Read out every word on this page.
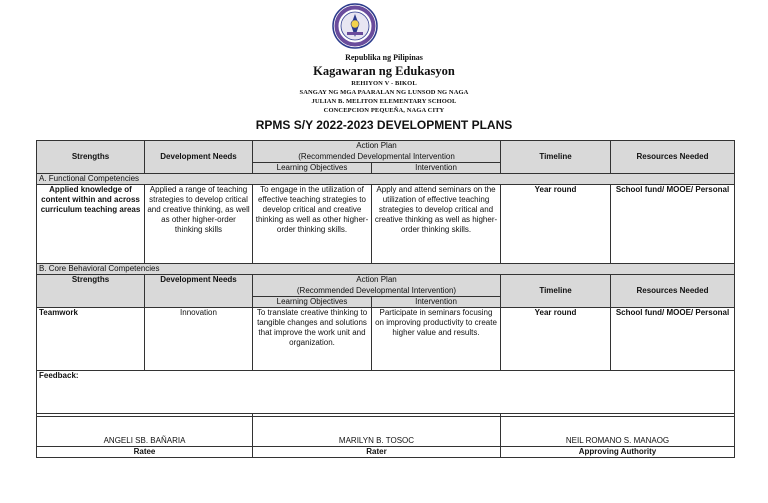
Republika ng Pilipinas
Kagawaran ng Edukasyon
REHIYON V - BIKOL
SANGAY NG MGA PAARALAN NG LUNSOD NG NAGA
JULIAN B. MELITON ELEMENTARY SCHOOL
CONCEPCION PEQUEÑA, NAGA CITY
RPMS S/Y 2022-2023 DEVELOPMENT PLANS
Strengths	Development Needs	Action Plan		Timeline	Resources Needed
		(Recommended Developmental Intervention			
		Learning Objectives	Intervention		
A. Functional Competencies					
Applied knowledge of content within and across curriculum teaching areas	Applied a range of teaching strategies to develop critical and creative thinking, as well as other higher-order thinking skills	To engage in the utilization of effective teaching strategies to develop critical and creative thinking as well as other higher-order thinking skills.	Apply and attend seminars on the utilization of effective teaching strategies to develop critical and creative thinking as well as higher-order thinking skills.	Year round	School fund/ MOOE/ Personal
B. Core Behavioral Competencies					
Strengths	Development Needs	Action Plan		Timeline	Resources Needed
		(Recommended Developmental Intervention)			
		Learning Objectives	Intervention		
Teamwork	Innovation	To translate creative thinking to tangible changes and solutions that improve the work unit and organization.	Participate in seminars focusing on improving productivity to create higher value and results.	Year round	School fund/ MOOE/ Personal
Feedback:					
ANGELI SB. BAÑARIA	MARILYN B. TOSOC	NEIL ROMANO S. MANAOG
Ratee	Rater	Approving Authority
